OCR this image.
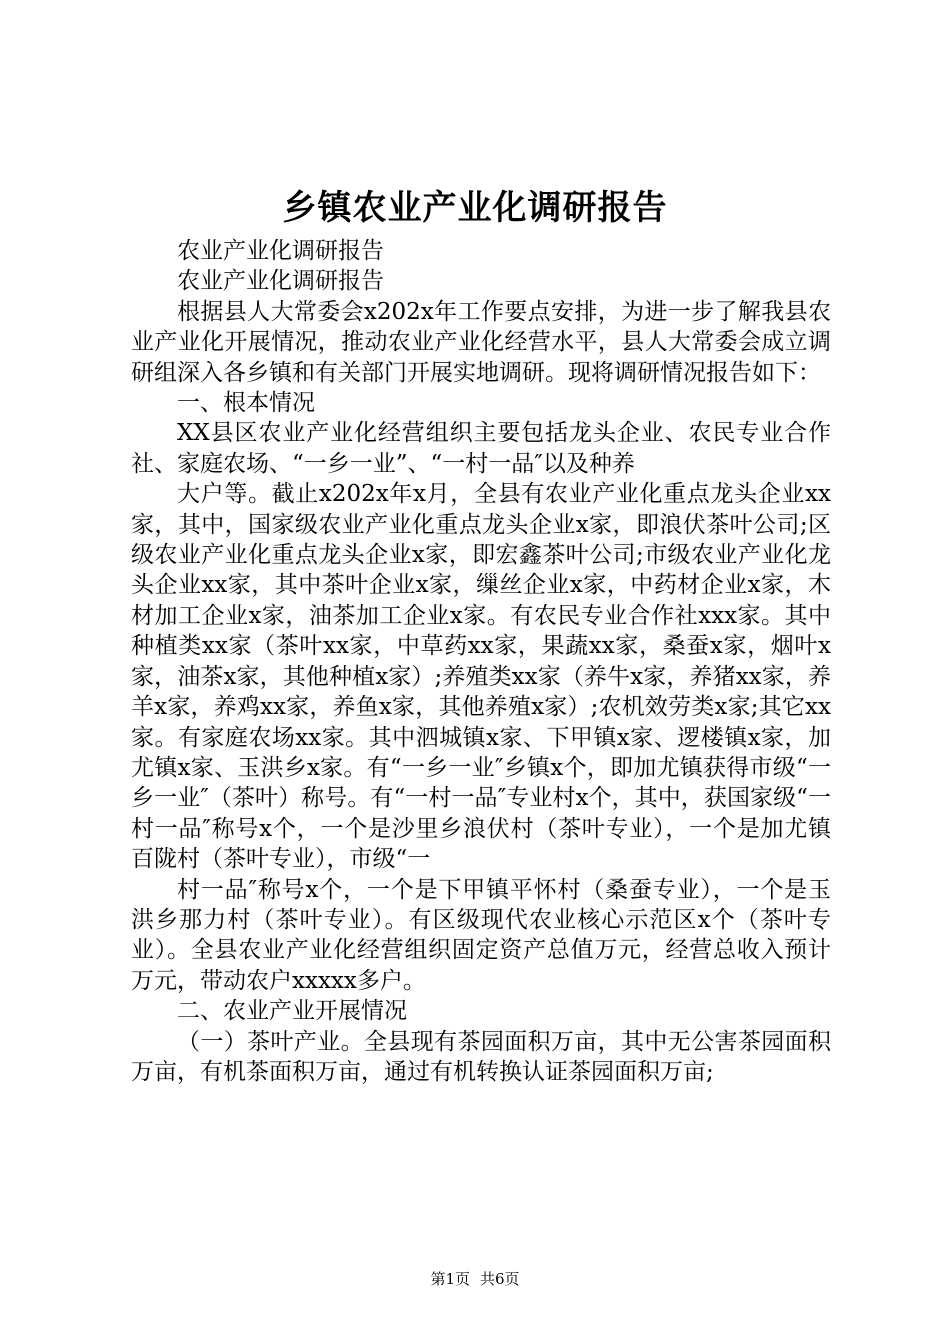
乡镇农业产业化调研报告

农业产业化调研报告

农业产业化调研报告

根据县人大常委会x202x年工作要点安排，为进一步了解我县农业产业化开展情况，推动农业产业化经营水平，县人大常委会成立调研组深入各乡镇和有关部门开展实地调研。现将调研情况报告如下：

一、根本情况

XX县区农业产业化经营组织主要包括龙头企业、农民专业合作社、家庭农场、“一乡一业”、“一村一品″以及种养

大户等。截止x202x年x月，全县有农业产业化重点龙头企业xx家，其中，国家级农业产业化重点龙头企业x家，即浪伏茶叶公司;区级农业产业化重点龙头企业x家，即宏鑫茶叶公司;市级农业产业化龙头企业xx家，其中茶叶企业x家，缫丝企业x家，中药材企业x家，木材加工企业x家，油茶加工企业x家。有农民专业合作社xxx家。其中种植类xx家（茶叶xx家，中草药xx家，果蔬xx家，桑蚕x家，烟叶x家，油茶x家，其他种植x家）;养殖类xx家（养牛x家，养猪xx家，养羊x家，养鸡xx家，养鱼x家，其他养殖x家）;农机效劳类x家;其它xx家。有家庭农场xx家。其中泗城镇x家、下甲镇x家、逻楼镇x家，加尤镇x家、玉洪乡x家。有“一乡一业″乡镇x个，即加尤镇获得市级“一乡一业″（茶叶）称号。有“一村一品″专业村x个，其中，获国家级“一村一品″称号x个，一个是沙里乡浪伏村（茶叶专业），一个是加尤镇百陇村（茶叶专业），市级“一

村一品″称号x个，一个是下甲镇平怀村（桑蚕专业），一个是玉洪乡那力村（茶叶专业）。有区级现代农业核心示范区x个（茶叶专业）。全县农业产业化经营组织固定资产总值万元，经营总收入预计万元，带动农户xxxxx多户。

二、农业产业开展情况

（一）茶叶产业。全县现有茶园面积万亩，其中无公害茶园面积万亩，有机茶面积万亩，通过有机转换认证茶园面积万亩;

第1页 共6页
